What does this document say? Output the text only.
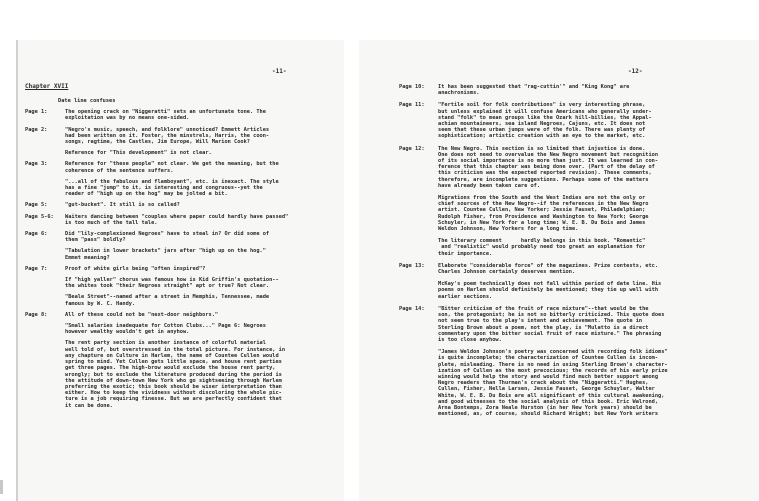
-11-
Chapter XVII
Date line confuses
Page 1:	The opening crack on "Niggeratti" sets an unfortunate tone. The
exploitation was by no means one-sided.
Page 2:	"Negro's music, speech, and folklore" unnoticed? Emmett Articles
had been written on it. Foster, the minstrels, Harris, the coon-
songs, ragtime, the Castles, Jim Europe, Will Marion Cook?
Reference for "This development" is not clear.
Page 3:	Reference for "these people" not clear. We get the meaning, but the
coherence of the sentence suffers.
"...all of the fabulous and flamboyant", etc. is inexact. The style
has a fine "jump" to it, is interesting and congruous--yet the
reader of "high up on the hog" may be jolted a bit.
Page 5:	"gut-bucket". It still is so called?
Page 5-6:	Waiters dancing between "couples where paper could hardly have passed"
is too much of the tall tale.
Page 6:	Did "lily-complexioned Negroes" have to steal in? Or did some of
them "pass" boldly?
"Tabulation in lower brackets" jars after "high up on the hog."
Emmet meaning?
Page 7:	Proof of white girls being "often inspired"?
If "high yaller" chorus was famous how is Kid Griffin's quotation--
the whites took "their Negroes straight" apt or true? Not clear.
"Beale Street"--named after a street in Memphis, Tennessee, made
famous by W. C. Handy.
Page 8:	All of these could not be "next-door neighbors."
"Small salaries inadequate for Cotton Clubs..." Page 6: Negroes
however wealthy wouldn't get in anyhow.
The rent party section is another instance of colorful material
well told of, but overstressed in the total picture. For instance, in
any chapture on Culture in Harlem, the name of Countee Cullen would
spring to mind. Yet Cullen gets little space, and house rent parties
get three pages. The high-brow would exclude the house rent party,
wrongly; but to exclude the literature produced during the period is
the attitude of down-town New York who go sightseeing through Harlem
preferring the exotic; this book should be wiser interpretation than
either. How to keep the vividness without discoloring the whole pic-
ture is a job requiring finesse. But we are perfectly confident that
it can be done.
-12-
Page 10:	It has been suggested that "rag-cuttin'" and "King Kong" are
anachronisms.
Page 11:	"Fertile soil for folk contributions" is very interesting phrase,
but unless explained it will confuse Americans who generally under-
stand "folk" to mean groups like the Ozark hill-billies, the Appal-
achian mountaineers, sea island Negroes, Cajuns, etc. It does not
seem that these urban jumps were of the folk. There was plenty of
sophistication; artistic creation with an eye to the market, etc.
Page 12:	The New Negro. This section is so limited that injustice is done.
One does not need to overvalue the New Negro movement but recognition
of its social importance is no more than just. It was learned in con-
ference that this chapter was being done over. (Part of the delay of
this criticism was the expected reported revision). These comments,
therefore, are incomplete suggestions. Perhaps some of the matters
have already been taken care of.
Migrations from the South and the West Indies are not the only or
chief sources of the New Negro--if the references in the New Negro
artist. Countee Cullen, New Yorker; Jessie Fauset, Philadelphian;
Rudolph Fisher, from Providence and Washington to New York; George
Schuyler, in New York for a long time; W. E. B. Du Bois and James
Weldon Johnson, New Yorkers for a long time.
The literary comment      hardly belongs in this book. "Romantic"
and "realistic" would probably need too great an explanation for
their importance.
Page 13:	Elaborate "considerable force" of the magazines. Prize contests, etc.
Charles Johnson certainly deserves mention.
McKay's poem technically does not fall within period of date line. His
poems on Harlem should definitely be mentioned; they tie up well with
earlier sections.
Page 14:	"Bitter criticism of the fruit of race mixture"--that would be the
son, the protagonist; he is not so bitterly criticized. This quote does
not seem true to the play's intent and achievement. The quote in
Sterling Brown about a poem, not the play, is "Mulatto is a direct
commentary upon the bitter social fruit of race mixture." The phrasing
is too close anyhow.
"James Weldon Johnson's poetry was concerned with recording folk idioms"
is quite incomplete; the characterization of Countee Cullen is incom-
plete, misleading. There is no need in using Sterling Brown's character-
ization of Cullen as the most precocious; the records of his early prize
winning would help the story and would find much better support among
Negro readers than Thurman's crack about the "Niggeratti." Hughes,
Cullen, Fisher, Nella Larsen, Jessie Fauset, George Schuyler, Walter
White, W. E. B. Du Bois are all significant of this cultural awakening,
and good witnesses to the social analysis of this book. Eric Walrond,
Arna Bontemps, Zora Neale Hurston (in her New York years) should be
mentioned, as, of course, should Richard Wright; but New York writers
